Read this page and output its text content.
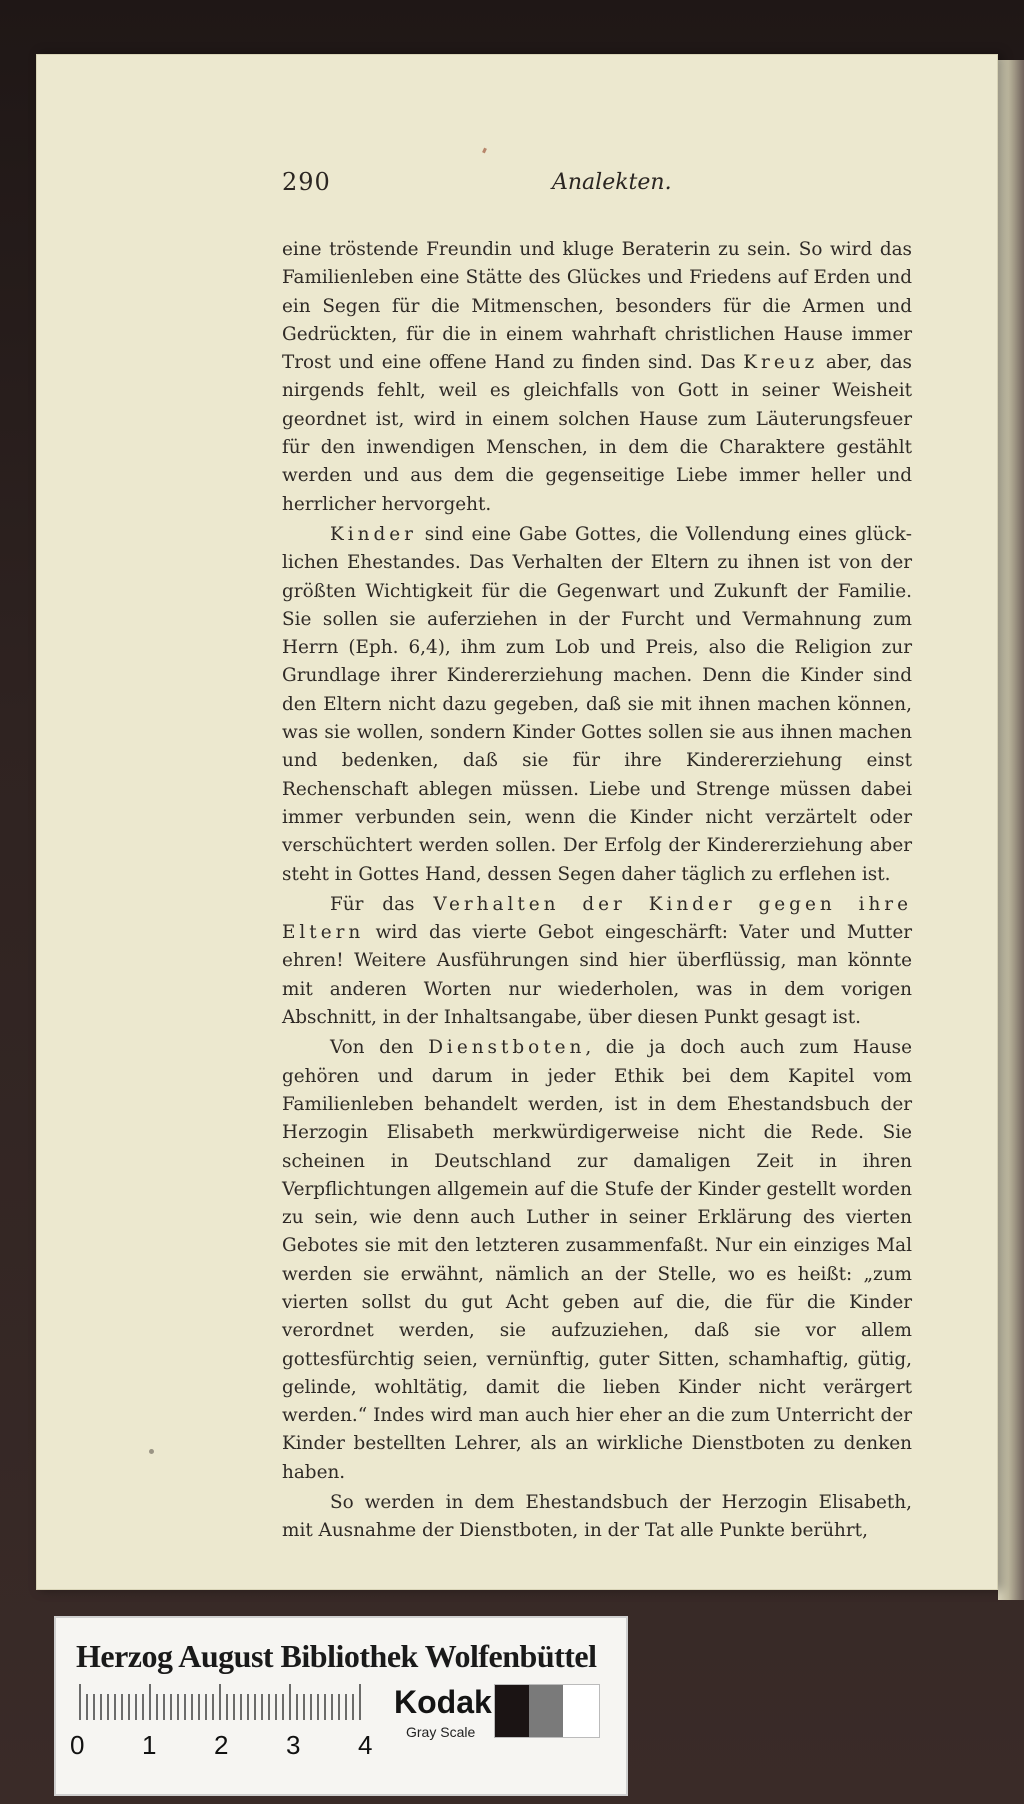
290	Analekten.

eine tröstende Freundin und kluge Beraterin zu sein. So wird das Familienleben eine Stätte des Glückes und Friedens auf Erden und ein Segen für die Mitmenschen, besonders für die Armen und Gedrückten, für die in einem wahrhaft christlichen Hause immer Trost und eine offene Hand zu finden sind. Das Kreuz aber, das nirgends fehlt, weil es gleichfalls von Gott in seiner Weisheit geordnet ist, wird in einem solchen Hause zum Läuterungsfeuer für den inwendigen Menschen, in dem die Charaktere gestählt werden und aus dem die gegenseitige Liebe immer heller und herrlicher hervorgeht.

Kinder sind eine Gabe Gottes, die Vollendung eines glücklichen Ehestandes. Das Verhalten der Eltern zu ihnen ist von der größten Wichtigkeit für die Gegenwart und Zukunft der Familie. Sie sollen sie auferziehen in der Furcht und Vermahnung zum Herrn (Eph. 6,4), ihm zum Lob und Preis, also die Religion zur Grundlage ihrer Kindererziehung machen. Denn die Kinder sind den Eltern nicht dazu gegeben, daß sie mit ihnen machen können, was sie wollen, sondern Kinder Gottes sollen sie aus ihnen machen und bedenken, daß sie für ihre Kindererziehung einst Rechenschaft ablegen müssen. Liebe und Strenge müssen dabei immer verbunden sein, wenn die Kinder nicht verzärtelt oder verschüchtert werden sollen. Der Erfolg der Kindererziehung aber steht in Gottes Hand, dessen Segen daher täglich zu erflehen ist.

Für das Verhalten der Kinder gegen ihre Eltern wird das vierte Gebot eingeschärft: Vater und Mutter ehren! Weitere Ausführungen sind hier überflüssig, man könnte mit anderen Worten nur wiederholen, was in dem vorigen Abschnitt, in der Inhaltsangabe, über diesen Punkt gesagt ist.

Von den Dienstboten, die ja doch auch zum Hause gehören und darum in jeder Ethik bei dem Kapitel vom Familienleben behandelt werden, ist in dem Ehestandsbuch der Herzogin Elisabeth merkwürdigerweise nicht die Rede. Sie scheinen in Deutschland zur damaligen Zeit in ihren Verpflichtungen allgemein auf die Stufe der Kinder gestellt worden zu sein, wie denn auch Luther in seiner Erklärung des vierten Gebotes sie mit den letzteren zusammenfaßt. Nur ein einziges Mal werden sie erwähnt, nämlich an der Stelle, wo es heißt: „zum vierten sollst du gut Acht geben auf die, die für die Kinder verordnet werden, sie aufzuziehen, daß sie vor allem gottesfürchtig seien, vernünftig, guter Sitten, schamhaftig, gütig, gelinde, wohltätig, damit die lieben Kinder nicht verärgert werden.“ Indes wird man auch hier eher an die zum Unterricht der Kinder bestellten Lehrer, als an wirkliche Dienstboten zu denken haben.

So werden in dem Ehestandsbuch der Herzogin Elisabeth, mit Ausnahme der Dienstboten, in der Tat alle Punkte berührt,

Herzog August Bibliothek Wolfenbüttel
0 1 2 3 4
Kodak
Gray Scale
